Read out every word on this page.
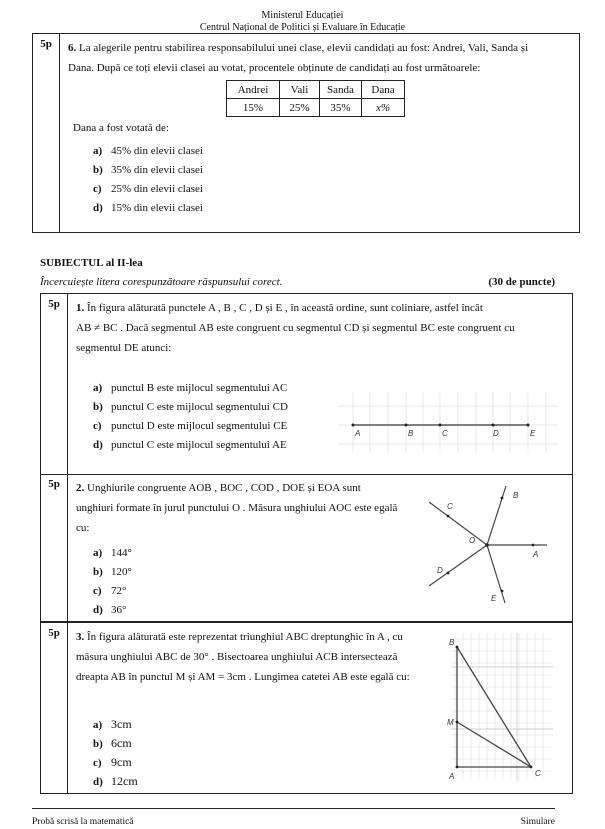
Ministerul Educației
Centrul Național de Politici și Evaluare în Educație
5p	6. La alegerile pentru stabilirea responsabilului unei clase, elevii candidați au fost: Andrei, Vali, Sanda și
Dana. După ce toți elevii clasei au votat, procentele obținute de candidați au fost următoarele:
Andrei	Vali	Sanda	Dana
15%	25%	35%	x%
Dana a fost votată de:
a) 45% din elevii clasei
b) 35% din elevii clasei
c) 25% din elevii clasei
d) 15% din elevii clasei
SUBIECTUL al II-lea
Încercuiește litera corespunzătoare răspunsului corect.	(30 de puncte)
5p	1. În figura alăturată punctele A , B , C , D și E , în această ordine, sunt coliniare, astfel încât
AB ≠ BC . Dacă segmentul AB este congruent cu segmentul CD și segmentul BC este congruent cu
segmentul DE atunci:
a) punctul B este mijlocul segmentului AC
b) punctul C este mijlocul segmentului CD
c) punctul D este mijlocul segmentului CE
d) punctul C este mijlocul segmentului AE
A	B	C	D	E
5p	2. Unghiurile congruente AOB , BOC , COD , DOE și EOA sunt
unghiuri formate în jurul punctului O . Măsura unghiului AOC este egală
cu:
a) 144°
b) 120°
c) 72°
d) 36°
A
B
C
D
E
O
5p	3. În figura alăturată este reprezentat triunghiul ABC dreptunghic în A , cu
măsura unghiului ABC de 30° . Bisectoarea unghiului ACB intersectează
dreapta AB în punctul M și AM = 3cm . Lungimea catetei AB este egală cu:
a) 3cm
b) 6cm
c) 9cm
d) 12cm	A
B
C
M
Probă scrisă la matematică	Simulare
